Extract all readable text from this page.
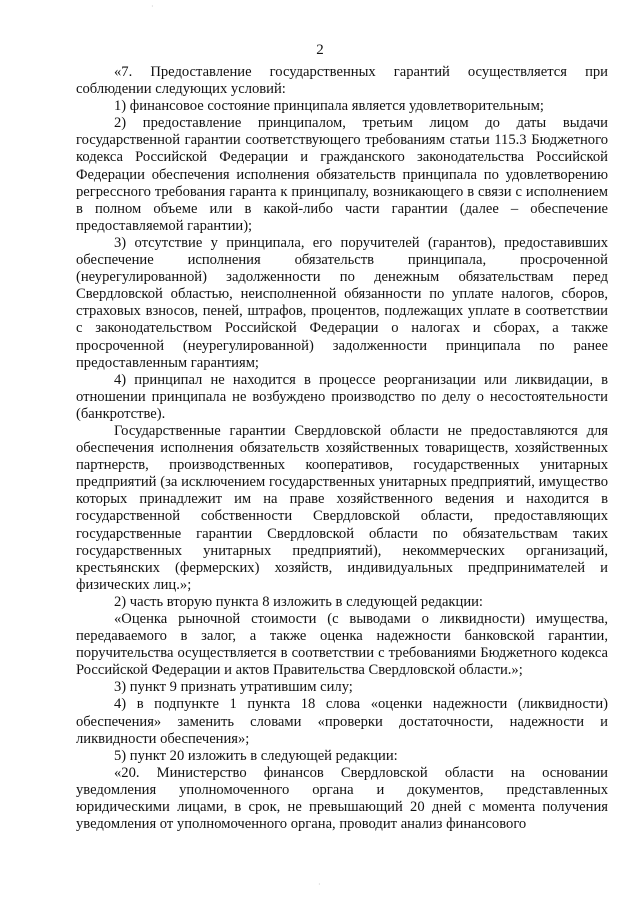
·
·
2

«7. Предоставление государственных гарантий осуществляется при соблюдении следующих условий:

1) финансовое состояние принципала является удовлетворительным;

2) предоставление принципалом, третьим лицом до даты выдачи государственной гарантии соответствующего требованиям статьи 115.3 Бюджетного кодекса Российской Федерации и гражданского законодательства Российской Федерации обеспечения исполнения обязательств принципала по удовлетворению регрессного требования гаранта к принципалу, возникающего в связи с исполнением в полном объеме или в какой-либо части гарантии (далее – обеспечение предоставляемой гарантии);

3) отсутствие у принципала, его поручителей (гарантов), предоставивших обеспечение исполнения обязательств принципала, просроченной (неурегулированной) задолженности по денежным обязательствам перед Свердловской областью, неисполненной обязанности по уплате налогов, сборов, страховых взносов, пеней, штрафов, процентов, подлежащих уплате в соответствии с законодательством Российской Федерации о налогах и сборах, а также просроченной (неурегулированной) задолженности принципала по ранее предоставленным гарантиям;

4) принципал не находится в процессе реорганизации или ликвидации, в отношении принципала не возбуждено производство по делу о несостоятельности (банкротстве).

Государственные гарантии Свердловской области не предоставляются для обеспечения исполнения обязательств хозяйственных товариществ, хозяйственных партнерств, производственных кооперативов, государственных унитарных предприятий (за исключением государственных унитарных предприятий, имущество которых принадлежит им на праве хозяйственного ведения и находится в государственной собственности Свердловской области, предоставляющих государственные гарантии Свердловской области по обязательствам таких государственных унитарных предприятий), некоммерческих организаций, крестьянских (фермерских) хозяйств, индивидуальных предпринимателей и физических лиц.»;

2) часть вторую пункта 8 изложить в следующей редакции:

«Оценка рыночной стоимости (с выводами о ликвидности) имущества, передаваемого в залог, а также оценка надежности банковской гарантии, поручительства осуществляется в соответствии с требованиями Бюджетного кодекса Российской Федерации и актов Правительства Свердловской области.»;

3) пункт 9 признать утратившим силу;

4) в подпункте 1 пункта 18 слова «оценки надежности (ликвидности) обеспечения» заменить словами «проверки достаточности, надежности и ликвидности обеспечения»;

5) пункт 20 изложить в следующей редакции:

«20. Министерство финансов Свердловской области на основании уведомления уполномоченного органа и документов, представленных юридическими лицами, в срок, не превышающий 20 дней с момента получения уведомления от уполномоченного органа, проводит анализ финансового
